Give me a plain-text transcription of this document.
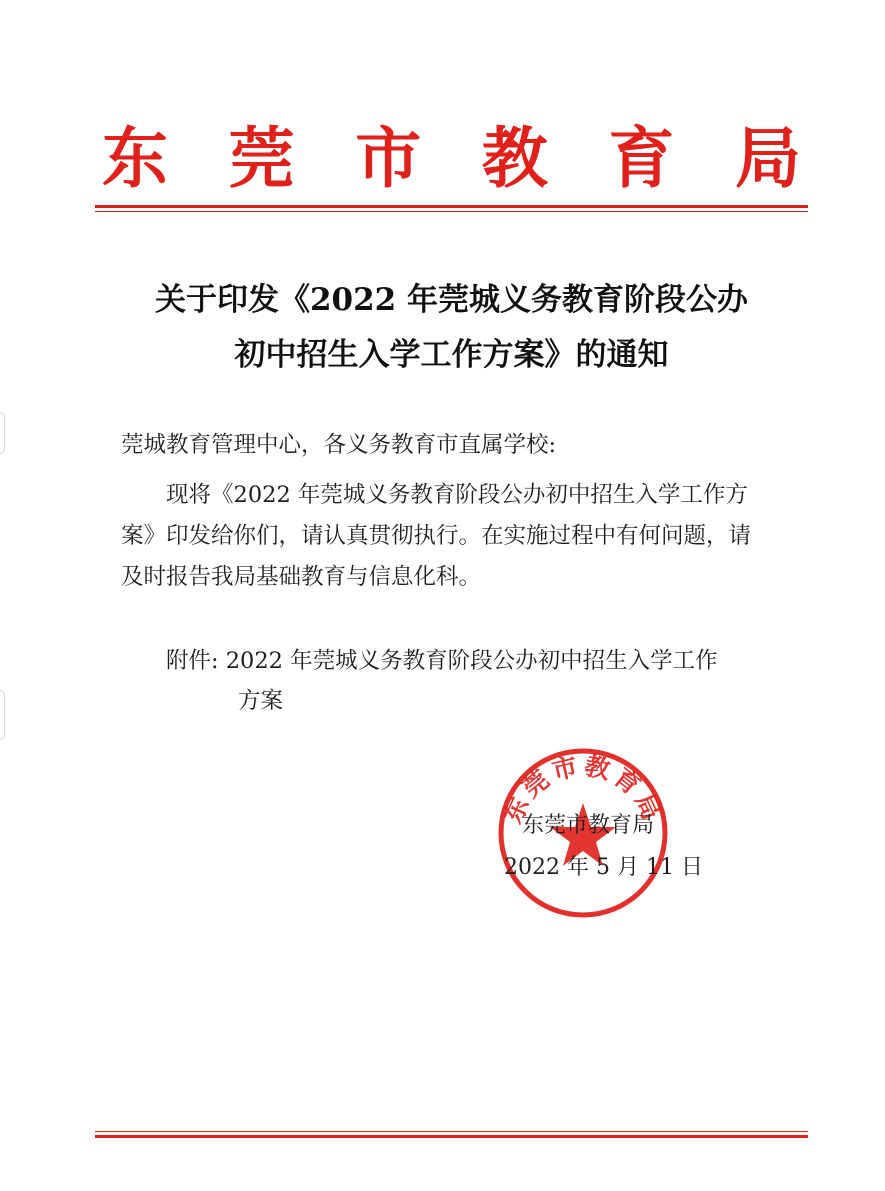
东 莞 市 教 育 局
关于印发《2022 年莞城义务教育阶段公办
初中招生入学工作方案》的通知
莞城教育管理中心，各义务教育市直属学校:
现将《2022 年莞城义务教育阶段公办初中招生入学工作方
案》印发给你们，请认真贯彻执行。在实施过程中有何问题，请
及时报告我局基础教育与信息化科。
附件: 2022 年莞城义务教育阶段公办初中招生入学工作
方案
东莞市教育局
东莞市教育局
2022 年 5 月 11 日
